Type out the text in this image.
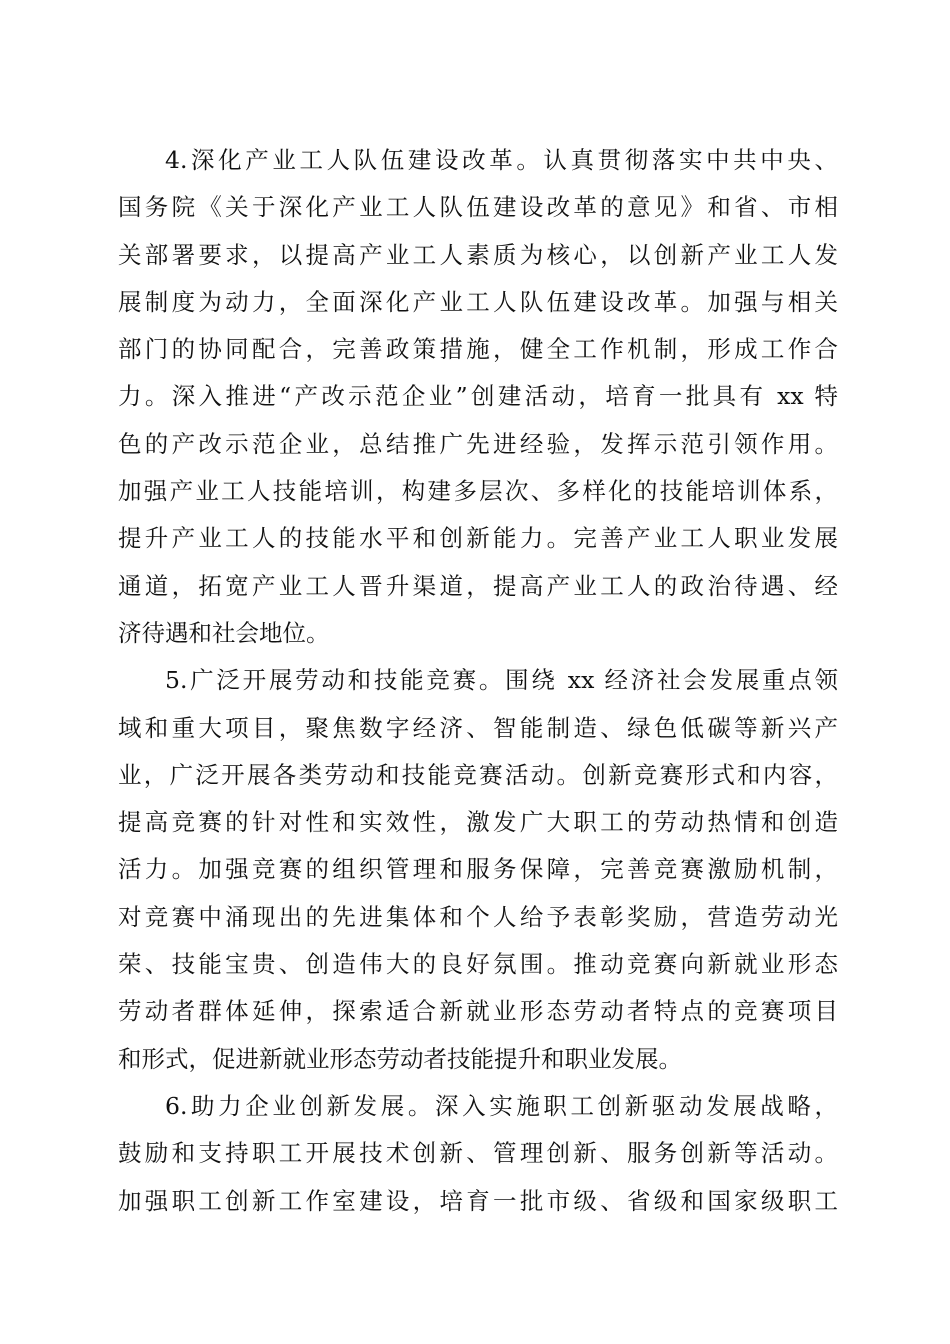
4.深化产业工人队伍建设改革。认真贯彻落实中共中央、
国务院《关于深化产业工人队伍建设改革的意见》和省、市相
关部署要求，以提高产业工人素质为核心，以创新产业工人发
展制度为动力，全面深化产业工人队伍建设改革。加强与相关
部门的协同配合，完善政策措施，健全工作机制，形成工作合
力。深入推进“产改示范企业”创建活动，培育一批具有 xx 特
色的产改示范企业，总结推广先进经验，发挥示范引领作用。
加强产业工人技能培训，构建多层次、多样化的技能培训体系，
提升产业工人的技能水平和创新能力。完善产业工人职业发展
通道，拓宽产业工人晋升渠道，提高产业工人的政治待遇、经
济待遇和社会地位。
5.广泛开展劳动和技能竞赛。围绕 xx 经济社会发展重点领
域和重大项目，聚焦数字经济、智能制造、绿色低碳等新兴产
业，广泛开展各类劳动和技能竞赛活动。创新竞赛形式和内容，
提高竞赛的针对性和实效性，激发广大职工的劳动热情和创造
活力。加强竞赛的组织管理和服务保障，完善竞赛激励机制，
对竞赛中涌现出的先进集体和个人给予表彰奖励，营造劳动光
荣、技能宝贵、创造伟大的良好氛围。推动竞赛向新就业形态
劳动者群体延伸，探索适合新就业形态劳动者特点的竞赛项目
和形式，促进新就业形态劳动者技能提升和职业发展。
6.助力企业创新发展。深入实施职工创新驱动发展战略，
鼓励和支持职工开展技术创新、管理创新、服务创新等活动。
加强职工创新工作室建设，培育一批市级、省级和国家级职工
